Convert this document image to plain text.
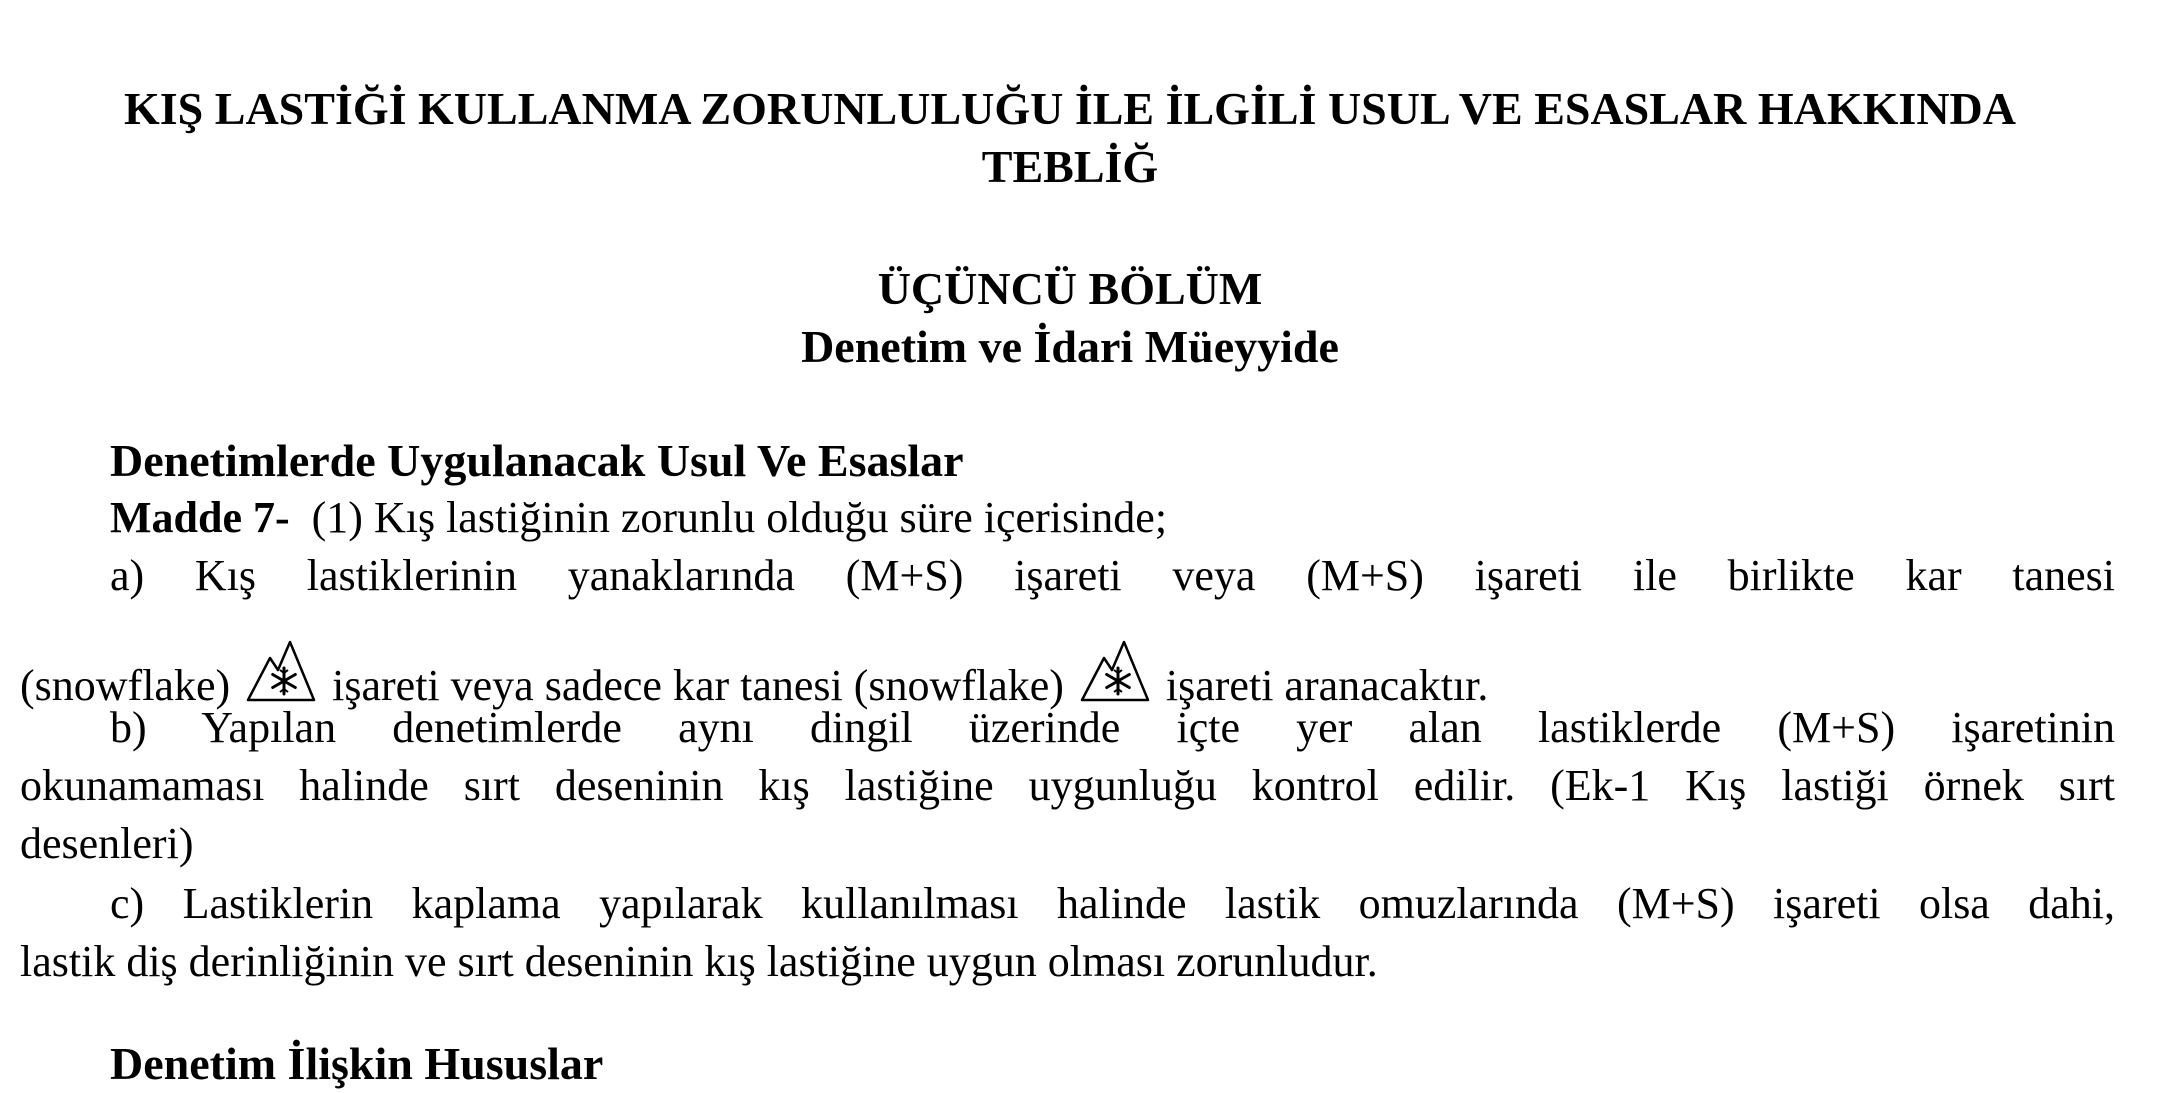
KIŞ LASTİĞİ KULLANMA ZORUNLULUĞU İLE İLGİLİ USUL VE ESASLAR HAKKINDA
TEBLİĞ
ÜÇÜNCÜ BÖLÜM
Denetim ve İdari Müeyyide
Denetimlerde Uygulanacak Usul Ve Esaslar
Madde 7- (1) Kış lastiğinin zorunlu olduğu süre içerisinde;
a) Kış lastiklerinin yanaklarında (M+S) işareti veya (M+S) işareti ile birlikte kar tanesi
(snowflake) işareti veya sadece kar tanesi (snowflake) işareti aranacaktır.
b) Yapılan denetimlerde aynı dingil üzerinde içte yer alan lastiklerde (M+S) işaretinin
okunamaması halinde sırt deseninin kış lastiğine uygunluğu kontrol edilir. (Ek-1 Kış lastiği örnek sırt
desenleri)
c) Lastiklerin kaplama yapılarak kullanılması halinde lastik omuzlarında (M+S) işareti olsa dahi,
lastik diş derinliğinin ve sırt deseninin kış lastiğine uygun olması zorunludur.
Denetim İlişkin Hususlar
